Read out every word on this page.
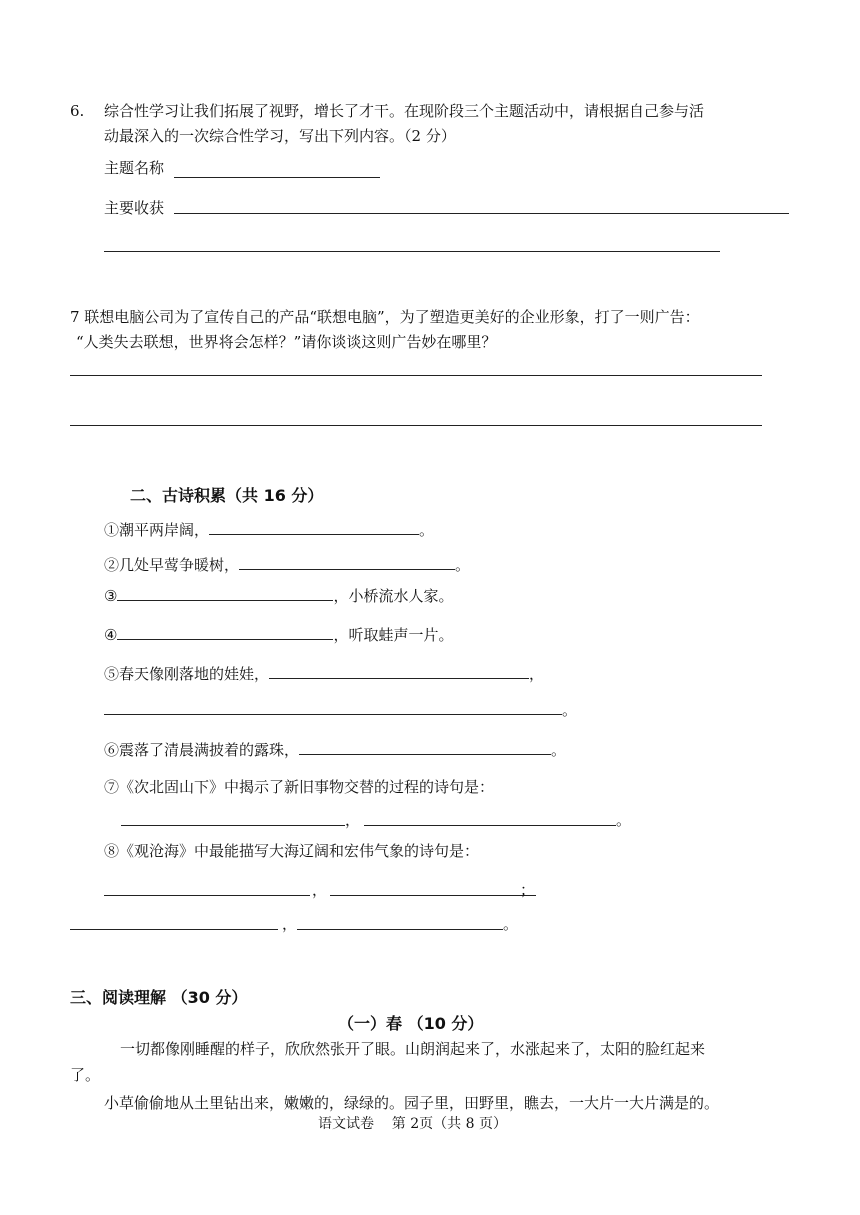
6. 综合性学习让我们拓展了视野，增长了才干。在现阶段三个主题活动中，请根据自己参与活
动最深入的一次综合性学习，写出下列内容。（2 分）
主题名称
主要收获
7 联想电脑公司为了宣传自己的产品“联想电脑”，为了塑造更美好的企业形象，打了一则广告：
“人类失去联想，世界将会怎样？”请你谈谈这则广告妙在哪里？
二、古诗积累（共 16 分）
①潮平两岸阔，	。
②几处早莺争暖树，	。
③	，小桥流水人家。
④	，听取蛙声一片。
⑤春天像刚落地的娃娃，	，
。
⑥震落了清晨满披着的露珠，	。
⑦《次北固山下》中揭示了新旧事物交替的过程的诗句是：
，	。
⑧《观沧海》中最能描写大海辽阔和宏伟气象的诗句是：
，	；
，	。
三、阅读理解 （30 分）
（一）春 （10 分）
一切都像刚睡醒的样子，欣欣然张开了眼。山朗润起来了，水涨起来了，太阳的脸红起来
了。
小草偷偷地从土里钻出来，嫩嫩的，绿绿的。园子里，田野里，瞧去，一大片一大片满是的。
语文试卷    第 2页（共 8 页）
